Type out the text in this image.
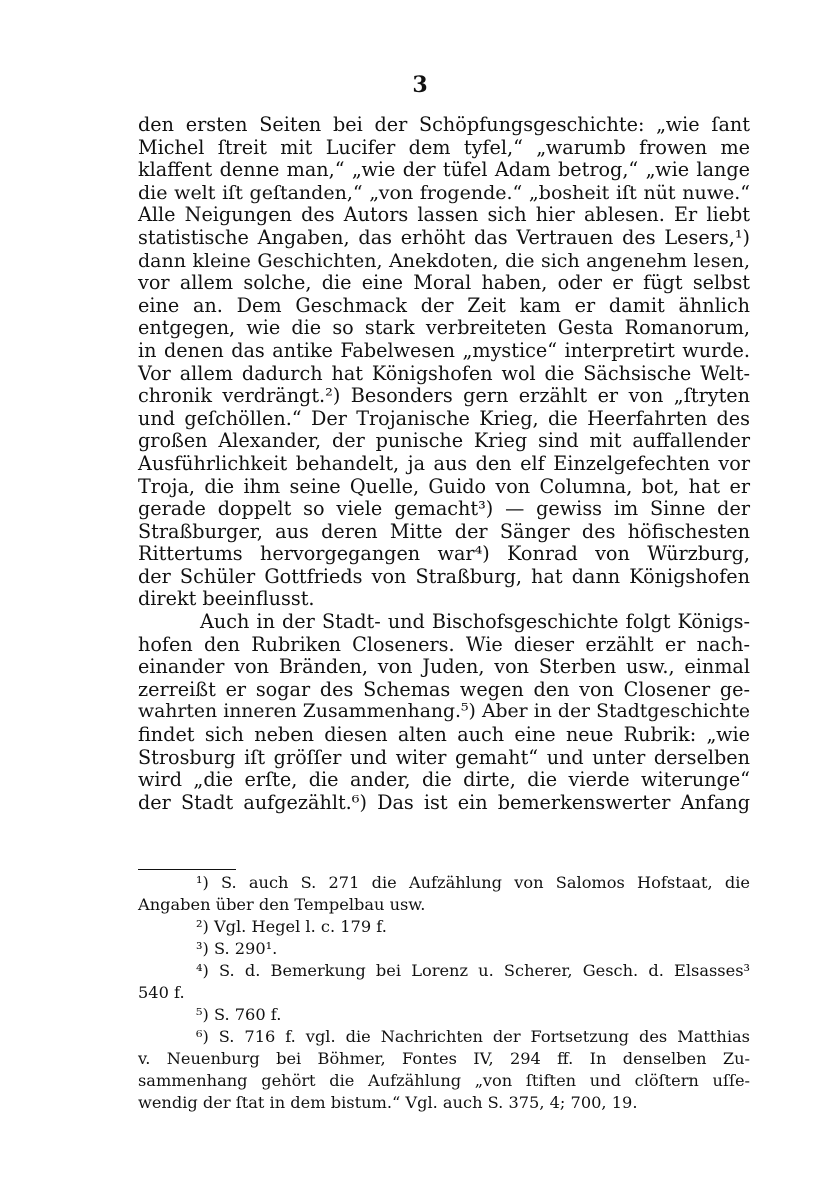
3
den ersten Seiten bei der Schöpfungsgeschichte: „wie ſant
Michel ſtreit mit Lucifer dem tyfel,“ „warumb frowen me
klaffent denne man,“ „wie der tüfel Adam betrog,“ „wie lange
die welt iſt geſtanden,“ „von frogende.“ „bosheit iſt nüt nuwe.“
Alle Neigungen des Autors lassen sich hier ablesen. Er liebt
statistische Angaben, das erhöht das Vertrauen des Lesers,¹)
dann kleine Geschichten, Anekdoten, die sich angenehm lesen,
vor allem solche, die eine Moral haben, oder er fügt selbst
eine an. Dem Geschmack der Zeit kam er damit ähnlich
entgegen, wie die so stark verbreiteten Gesta Romanorum,
in denen das antike Fabelwesen „mystice“ interpretirt wurde.
Vor allem dadurch hat Königshofen wol die Sächsische Welt-
chronik verdrängt.²) Besonders gern erzählt er von „ſtryten
und geſchöllen.“ Der Trojanische Krieg, die Heerfahrten des
großen Alexander, der punische Krieg sind mit auffallender
Ausführlichkeit behandelt, ja aus den elf Einzelgefechten vor
Troja, die ihm seine Quelle, Guido von Columna, bot, hat er
gerade doppelt so viele gemacht³) — gewiss im Sinne der
Straßburger, aus deren Mitte der Sänger des höfischesten
Rittertums hervorgegangen war⁴) Konrad von Würzburg,
der Schüler Gottfrieds von Straßburg, hat dann Königshofen
direkt beeinflusst.
Auch in der Stadt- und Bischofsgeschichte folgt Königs-
hofen den Rubriken Closeners. Wie dieser erzählt er nach-
einander von Bränden, von Juden, von Sterben usw., einmal
zerreißt er sogar des Schemas wegen den von Closener ge-
wahrten inneren Zusammenhang.⁵) Aber in der Stadtgeschichte
findet sich neben diesen alten auch eine neue Rubrik: „wie
Strosburg iſt gröſſer und witer gemaht“ und unter derselben
wird „die erſte, die ander, die dirte, die vierde witerunge“
der Stadt aufgezählt.⁶) Das ist ein bemerkenswerter Anfang
¹) S. auch S. 271 die Aufzählung von Salomos Hofstaat, die
Angaben über den Tempelbau usw.
²) Vgl. Hegel l. c. 179 f.
³) S. 290¹.
⁴) S. d. Bemerkung bei Lorenz u. Scherer, Gesch. d. Elsasses³
540 f.
⁵) S. 760 f.
⁶) S. 716 f. vgl. die Nachrichten der Fortsetzung des Matthias
v. Neuenburg bei Böhmer, Fontes IV, 294 ff. In denselben Zu-
sammenhang gehört die Aufzählung „von ſtiften und clöſtern uſſe-
wendig der ſtat in dem bistum.“ Vgl. auch S. 375, 4; 700, 19.
